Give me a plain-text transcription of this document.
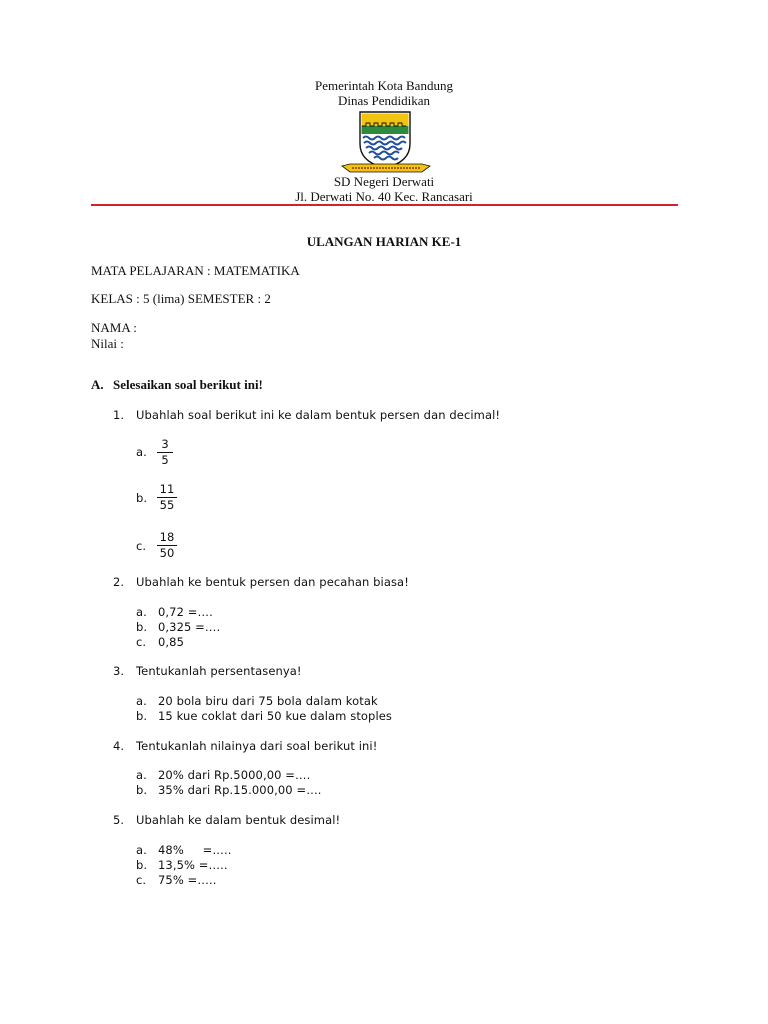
Pemerintah Kota Bandung
Dinas Pendidikan
SD Negeri Derwati
Jl. Derwati No. 40 Kec. Rancasari
ULANGAN HARIAN KE-1
MATA PELAJARAN : MATEMATIKA
KELAS : 5 (lima) SEMESTER : 2
NAMA :
Nilai :
A. Selesaikan soal berikut ini!
1. Ubahlah soal berikut ini ke dalam bentuk persen dan decimal!
a. $\frac{3}{5}$
b. $\frac{11}{55}$
c. $\frac{18}{50}$
2. Ubahlah ke bentuk persen dan pecahan biasa!
a. 0,72 =….
b. 0,325 =….
c. 0,85
3. Tentukanlah persentasenya!
a. 20 bola biru dari 75 bola dalam kotak
b. 15 kue coklat dari 50 kue dalam stoples
4. Tentukanlah nilainya dari soal berikut ini!
a. 20% dari Rp.5000,00 =….
b. 35% dari Rp.15.000,00 =….
5. Ubahlah ke dalam bentuk desimal!
a. 48%     =…..
b. 13,5% =…..
c. 75% =…..
